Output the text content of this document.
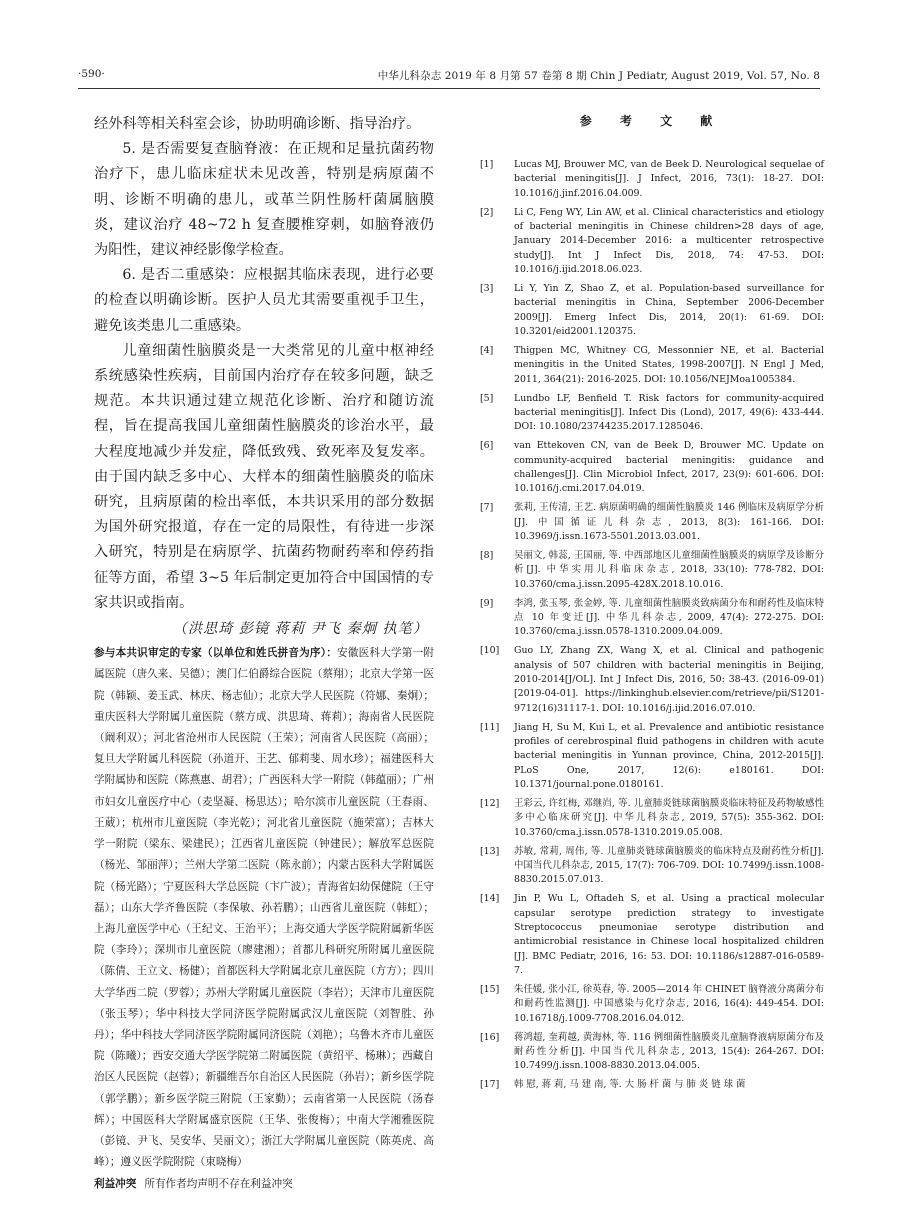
·590·	中华儿科杂志 2019 年 8 月第 57 卷第 8 期 Chin J Pediatr, August 2019, Vol. 57, No. 8

经外科等相关科室会诊，协助明确诊断、指导治疗。

5. 是否需要复查脑脊液：在正规和足量抗菌药物治疗下，患儿临床症状未见改善，特别是病原菌不明、诊断不明确的患儿，或革兰阴性肠杆菌属脑膜炎，建议治疗 48~72 h 复查腰椎穿刺，如脑脊液仍为阳性，建议神经影像学检查。

6. 是否二重感染：应根据其临床表现，进行必要的检查以明确诊断。医护人员尤其需要重视手卫生，避免该类患儿二重感染。

儿童细菌性脑膜炎是一大类常见的儿童中枢神经系统感染性疾病，目前国内治疗存在较多问题，缺乏规范。本共识通过建立规范化诊断、治疗和随访流程，旨在提高我国儿童细菌性脑膜炎的诊治水平，最大程度地减少并发症，降低致残、致死率及复发率。由于国内缺乏多中心、大样本的细菌性脑膜炎的临床研究，且病原菌的检出率低，本共识采用的部分数据为国外研究报道，存在一定的局限性，有待进一步深入研究，特别是在病原学、抗菌药物耐药率和停药指征等方面，希望 3~5 年后制定更加符合中国国情的专家共识或指南。

（洪思琦 彭镜 蒋莉 尹飞 秦炯 执笔）

参与本共识审定的专家（以单位和姓氏拼音为序）：安徽医科大学第一附属医院（唐久来、吴德）；澳门仁伯爵综合医院（蔡翔）；北京大学第一医院（韩颖、姜玉武、林庆、杨志仙）；北京大学人民医院（符娜、秦炯）；重庆医科大学附属儿童医院（蔡方成、洪思琦、蒋莉）；海南省人民医院（阚利双）；河北省沧州市人民医院（王荣）；河南省人民医院（高丽）；复旦大学附属儿科医院（孙道开、王艺、郁莉斐、周水珍）；福建医科大学附属协和医院（陈燕惠、胡君）；广西医科大学一附院（韩蕴丽）；广州市妇女儿童医疗中心（麦坚凝、杨思达）；哈尔滨市儿童医院（王春雨、王葳）；杭州市儿童医院（李光乾）；河北省儿童医院（施荣富）；吉林大学一附院（梁东、梁建民）；江西省儿童医院（钟建民）；解放军总医院（杨光、邹丽萍）；兰州大学第二医院（陈永前）；内蒙古医科大学附属医院（杨光路）；宁夏医科大学总医院（卞广波）；青海省妇幼保健院（王守磊）；山东大学齐鲁医院（李保敏、孙若鹏）；山西省儿童医院（韩虹）；上海儿童医学中心（王纪文、王治平）；上海交通大学医学院附属新华医院（李玲）；深圳市儿童医院（廖建湘）；首都儿科研究所附属儿童医院（陈倩、王立文、杨健）；首都医科大学附属北京儿童医院（方方）；四川大学华西二院（罗蓉）；苏州大学附属儿童医院（李岩）；天津市儿童医院（张玉琴）；华中科技大学同济医学院附属武汉儿童医院（刘智胜、孙丹）；华中科技大学同济医学院附属同济医院（刘艳）；乌鲁木齐市儿童医院（陈曦）；西安交通大学医学院第二附属医院（黄绍平、杨琳）；西藏自治区人民医院（赵蓉）；新疆维吾尔自治区人民医院（孙岩）；新乡医学院（郭学鹏）；新乡医学院三附院（王家勤）；云南省第一人民医院（汤春辉）；中国医科大学附属盛京医院（王华、张俊梅）；中南大学湘雅医院（彭镜、尹飞、吴安华、吴丽文）；浙江大学附属儿童医院（陈英虎、高峰）；遵义医学院附院（束晓梅）
利益冲突 所有作者均声明不存在利益冲突
参 考 文 献
[1]	Lucas MJ, Brouwer MC, van de Beek D. Neurological sequelae of bacterial meningitis[J]. J Infect, 2016, 73(1): 18-27. DOI: 10.1016/j.jinf.2016.04.009.
[2]	Li C, Feng WY, Lin AW, et al. Clinical characteristics and etiology of bacterial meningitis in Chinese children>28 days of age, January 2014-December 2016: a multicenter retrospective study[J]. Int J Infect Dis, 2018, 74: 47-53. DOI: 10.1016/j.ijid.2018.06.023.
[3]	Li Y, Yin Z, Shao Z, et al. Population-based surveillance for bacterial meningitis in China, September 2006-December 2009[J]. Emerg Infect Dis, 2014, 20(1): 61-69. DOI: 10.3201/eid2001.120375.
[4]	Thigpen MC, Whitney CG, Messonnier NE, et al. Bacterial meningitis in the United States, 1998-2007[J]. N Engl J Med, 2011, 364(21): 2016-2025. DOI: 10.1056/NEJMoa1005384.
[5]	Lundbo LF, Benfield T. Risk factors for community-acquired bacterial meningitis[J]. Infect Dis (Lond), 2017, 49(6): 433-444. DOI: 10.1080/23744235.2017.1285046.
[6]	van Ettekoven CN, van de Beek D, Brouwer MC. Update on community-acquired bacterial meningitis: guidance and challenges[J]. Clin Microbiol Infect, 2017, 23(9): 601-606. DOI: 10.1016/j.cmi.2017.04.019.
[7]	张莉, 王传清, 王艺. 病原菌明确的细菌性脑膜炎 146 例临床及病原学分析[J]. 中国循证儿科杂志, 2013, 8(3): 161-166. DOI: 10.3969/j.issn.1673-5501.2013.03.001.
[8]	吴丽文, 韩蕊, 王国丽, 等. 中西部地区儿童细菌性脑膜炎的病原学及诊断分析[J]. 中华实用儿科临床杂志, 2018, 33(10): 778-782. DOI: 10.3760/cma.j.issn.2095-428X.2018.10.016.
[9]	李鸿, 张玉琴, 张金婷, 等. 儿童细菌性脑膜炎致病菌分布和耐药性及临床特点 10 年变迁[J]. 中华儿科杂志, 2009, 47(4): 272-275. DOI: 10.3760/cma.j.issn.0578-1310.2009.04.009.
[10]	Guo LY, Zhang ZX, Wang X, et al. Clinical and pathogenic analysis of 507 children with bacterial meningitis in Beijing, 2010-2014[J/OL]. Int J Infect Dis, 2016, 50: 38-43. (2016-09-01) [2019-04-01]. https://linkinghub.elsevier.com/retrieve/pii/S1201-9712(16)31117-1. DOI: 10.1016/j.ijid.2016.07.010.
[11]	Jiang H, Su M, Kui L, et al. Prevalence and antibiotic resistance profiles of cerebrospinal fluid pathogens in children with acute bacterial meningitis in Yunnan province, China, 2012-2015[J]. PLoS One, 2017, 12(6): e180161. DOI: 10.1371/journal.pone.0180161.
[12]	王彩云, 许红梅, 邓继岿, 等. 儿童肺炎链球菌脑膜炎临床特征及药物敏感性多中心临床研究[J]. 中华儿科杂志, 2019, 57(5): 355-362. DOI: 10.3760/cma.j.issn.0578-1310.2019.05.008.
[13]	苏敏, 常莉, 周伟, 等. 儿童肺炎链球菌脑膜炎的临床特点及耐药性分析[J]. 中国当代儿科杂志, 2015, 17(7): 706-709. DOI: 10.7499/j.issn.1008-8830.2015.07.013.
[14]	Jin P, Wu L, Oftadeh S, et al. Using a practical molecular capsular serotype prediction strategy to investigate Streptococcus pneumoniae serotype distribution and antimicrobial resistance in Chinese local hospitalized children [J]. BMC Pediatr, 2016, 16: 53. DOI: 10.1186/s12887-016-0589-7.
[15]	朱任媛, 张小江, 徐英春, 等. 2005—2014 年 CHINET 脑脊液分离菌分布和耐药性监测[J]. 中国感染与化疗杂志, 2016, 16(4): 449-454. DOI: 10.16718/j.1009-7708.2016.04.012.
[16]	蒋鸿超, 奎莉越, 黄海林, 等. 116 例细菌性脑膜炎儿童脑脊液病原菌分布及耐药性分析[J]. 中国当代儿科杂志, 2013, 15(4): 264-267. DOI: 10.7499/j.issn.1008-8830.2013.04.005.
[17]	韩 慰, 蒋 莉, 马 建 南, 等. 大 肠 杆 菌 与 肺 炎 链 球 菌
